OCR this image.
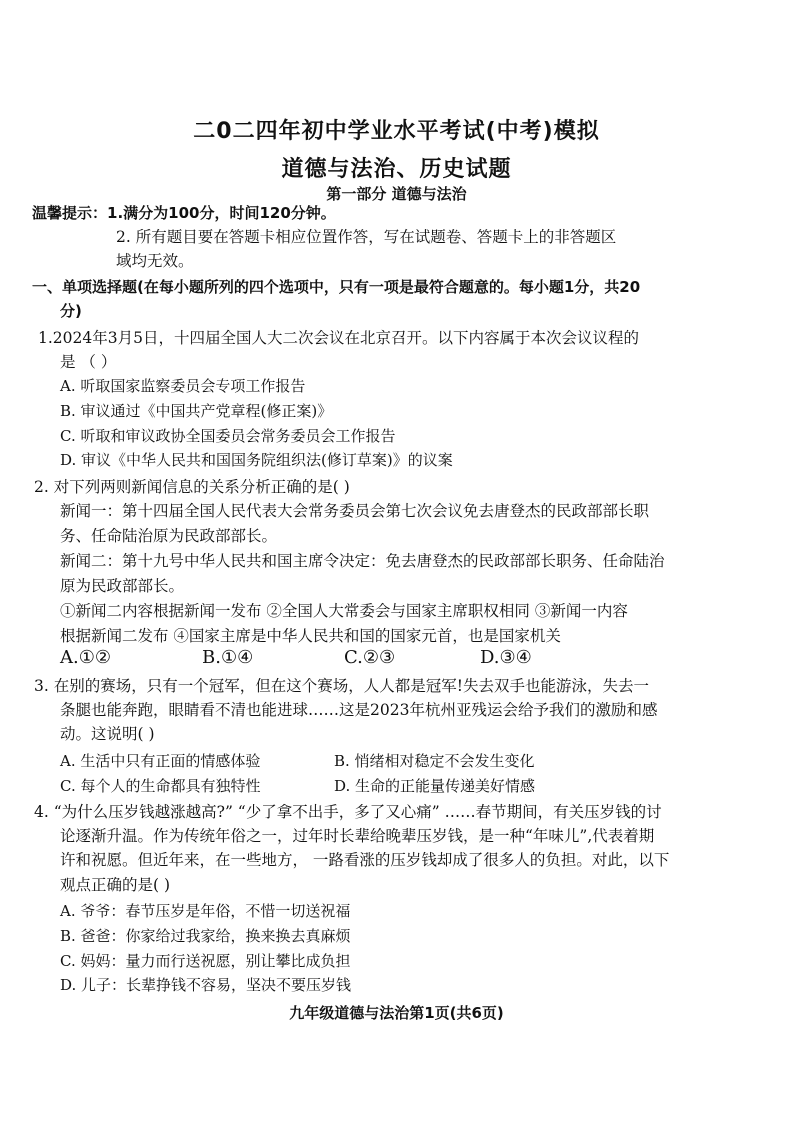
二0二四年初中学业水平考试(中考)模拟
道德与法治、历史试题
第一部分 道德与法治
温馨提示：1.满分为100分，时间120分钟。
2. 所有题目要在答题卡相应位置作答，写在试题卷、答题卡上的非答题区
域均无效。
一、单项选择题(在每小题所列的四个选项中，只有一项是最符合题意的。每小题1分，共20
分)
1.2024年3月5日，十四届全国人大二次会议在北京召开。以下内容属于本次会议议程的
是 （ ）
A. 听取国家监察委员会专项工作报告
B. 审议通过《中国共产党章程(修正案)》
C. 听取和审议政协全国委员会常务委员会工作报告
D. 审议《中华人民共和国国务院组织法(修订草案)》的议案
2. 对下列两则新闻信息的关系分析正确的是( )
新闻一：第十四届全国人民代表大会常务委员会第七次会议免去唐登杰的民政部部长职
务、任命陆治原为民政部部长。
新闻二：第十九号中华人民共和国主席令决定：免去唐登杰的民政部部长职务、任命陆治
原为民政部部长。
①新闻二内容根据新闻一发布 ②全国人大常委会与国家主席职权相同 ③新闻一内容
根据新闻二发布 ④国家主席是中华人民共和国的国家元首，也是国家机关
A.①②	B.①④	C.②③	D.③④
3. 在别的赛场，只有一个冠军，但在这个赛场，人人都是冠军!失去双手也能游泳，失去一
条腿也能奔跑，眼睛看不清也能进球……这是2023年杭州亚残运会给予我们的激励和感
动。这说明( )
A. 生活中只有正面的情感体验	B. 悄绪相对稳定不会发生变化
C. 每个人的生命都具有独特性	D. 生命的正能量传递美好情感
4. “为什么压岁钱越涨越高?” “少了拿不出手，多了又心痛” ……春节期间，有关压岁钱的讨
论逐渐升温。作为传统年俗之一，过年时长辈给晚辈压岁钱，是一种“年味儿”,代表着期
许和祝愿。但近年来，在一些地方， 一路看涨的压岁钱却成了很多人的负担。对此，以下
观点正确的是( )
A. 爷爷：春节压岁是年俗，不惜一切送祝福
B. 爸爸：你家给过我家给，换来换去真麻烦
C. 妈妈：量力而行送祝愿，别让攀比成负担
D. 儿子：长辈挣钱不容易，坚决不要压岁钱
九年级道德与法治第1页(共6页)
